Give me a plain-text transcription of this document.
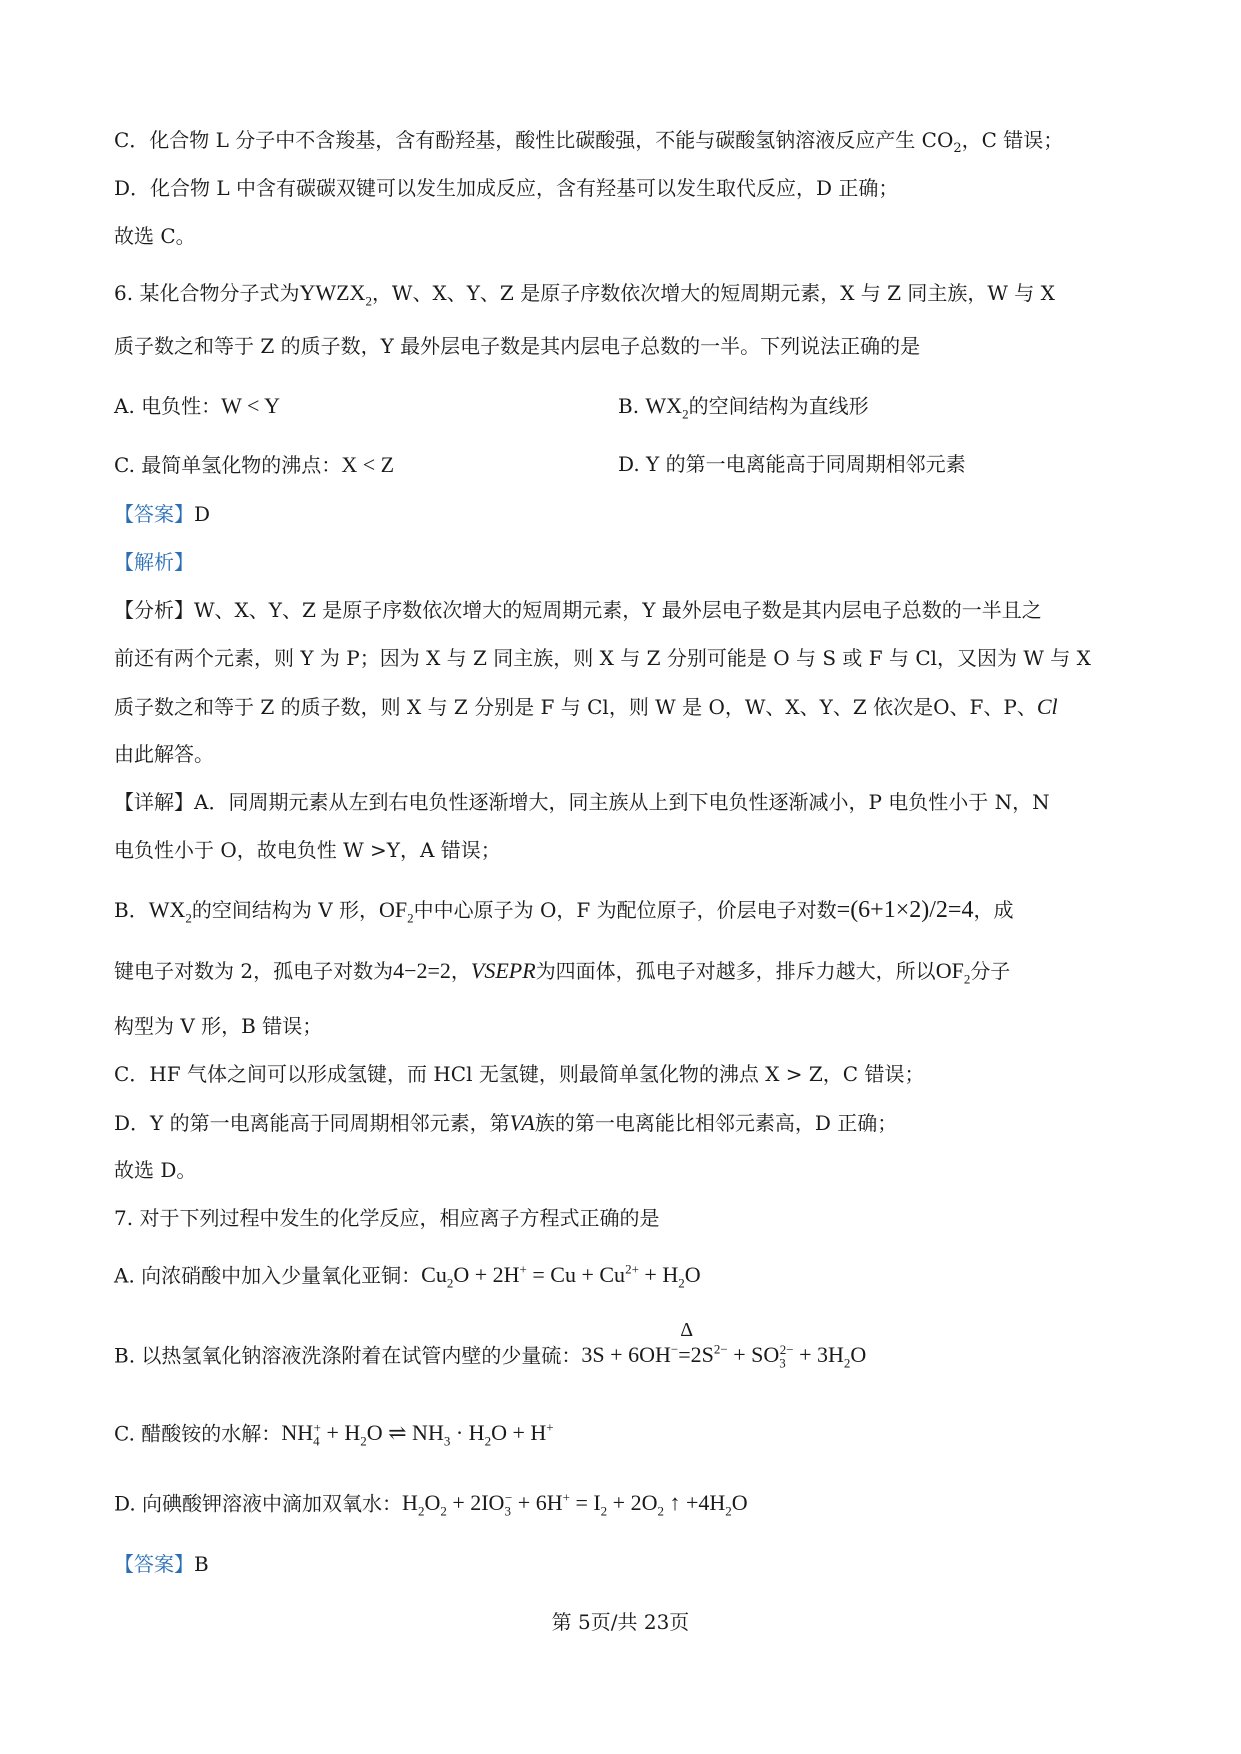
C．化合物 L 分子中不含羧基，含有酚羟基，酸性比碳酸强，不能与碳酸氢钠溶液反应产生 $CO_2$，C 错误；
D．化合物 L 中含有碳碳双键可以发生加成反应，含有羟基可以发生取代反应，D 正确；
故选 C。
6. 某化合物分子式为$YWZX_2$，W、X、Y、Z 是原子序数依次增大的短周期元素，X 与 Z 同主族，W 与 X
质子数之和等于 Z 的质子数，Y 最外层电子数是其内层电子总数的一半。下列说法正确的是
A. 电负性：W < Y	B. $WX_2$的空间结构为直线形
C. 最简单氢化物的沸点：X < Z	D. Y 的第一电离能高于同周期相邻元素
【答案】D
【解析】
【分析】W、X、Y、Z 是原子序数依次增大的短周期元素，Y 最外层电子数是其内层电子总数的一半且之
前还有两个元素，则 Y 为 P；因为 X 与 Z 同主族，则 X 与 Z 分别可能是 O 与 S 或 F 与 Cl，又因为 W 与 X
质子数之和等于 Z 的质子数，则 X 与 Z 分别是 F 与 Cl，则 W 是 O，W、X、Y、Z 依次是O、F、P、Cl
由此解答。
【详解】A．同周期元素从左到右电负性逐渐增大，同主族从上到下电负性逐渐减小，P 电负性小于 N，N
电负性小于 O，故电负性 W >Y，A 错误；
B．$WX_2$的空间结构为 V 形，$OF_2$中中心原子为 O，F 为配位原子，价层电子对数=(6+1×2)/2=4，成
键电子对数为 2，孤电子对数为4−2=2，VSEPR为四面体，孤电子对越多，排斥力越大，所以$OF_2$分子
构型为 V 形，B 错误；
C．HF 气体之间可以形成氢键，而 HCl 无氢键，则最简单氢化物的沸点 X > Z，C 错误；
D．Y 的第一电离能高于同周期相邻元素，第VA族的第一电离能比相邻元素高，D 正确；
故选 D。
7. 对于下列过程中发生的化学反应，相应离子方程式正确的是
A. 向浓硝酸中加入少量氧化亚铜：$Cu_2O + 2H^+ = Cu + Cu^{2+} + H_2O$
B. 以热氢氧化钠溶液洗涤附着在试管内壁的少量硫：3S + 6OH−
Δ
$=2S^{2-} + SO_3^{2-} + 3H_2O$
C. 醋酸铵的水解：$NH_4^+ + H_2O$ ⇌ $NH_3 \cdot H_2O + H^+$
D. 向碘酸钾溶液中滴加双氧水：$H_2O_2 + 2IO_3^- + 6H^+ = I_2 + 2O_2$ ↑ $+4H_2O$
【答案】B
第 5页/共 23页
